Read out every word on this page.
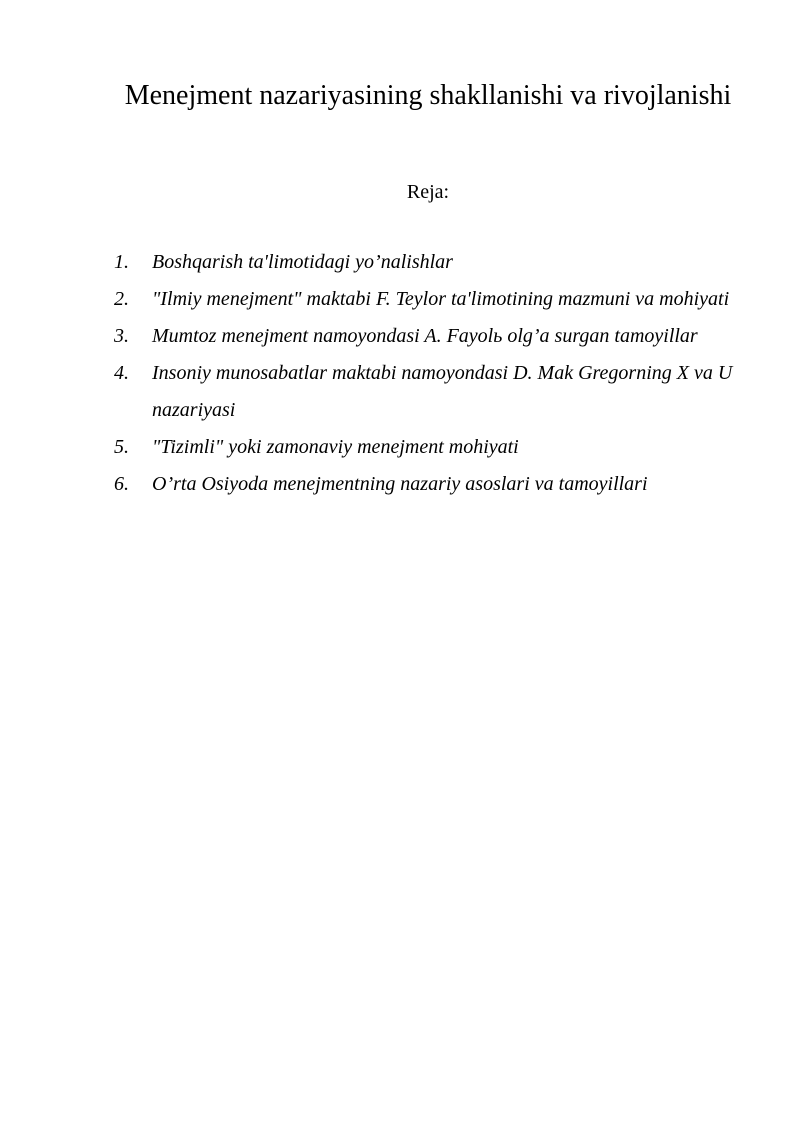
Menejment nazariyasining shakllanishi va rivojlanishi
Reja:
1. Boshqarish ta'limotidagi yo’nalishlar
2. "Ilmiy menejment" maktabi F. Teylor ta'limotining mazmuni va mohiyati
3. Mumtoz menejment namoyondasi A. Fayolь olg’a surgan tamoyillar
4. Insoniy munosabatlar maktabi namoyondasi D. Mak Gregorning X va U nazariyasi
5. "Tizimli" yoki zamonaviy menejment mohiyati
6. O’rta Osiyoda menejmentning nazariy asoslari va tamoyillari
